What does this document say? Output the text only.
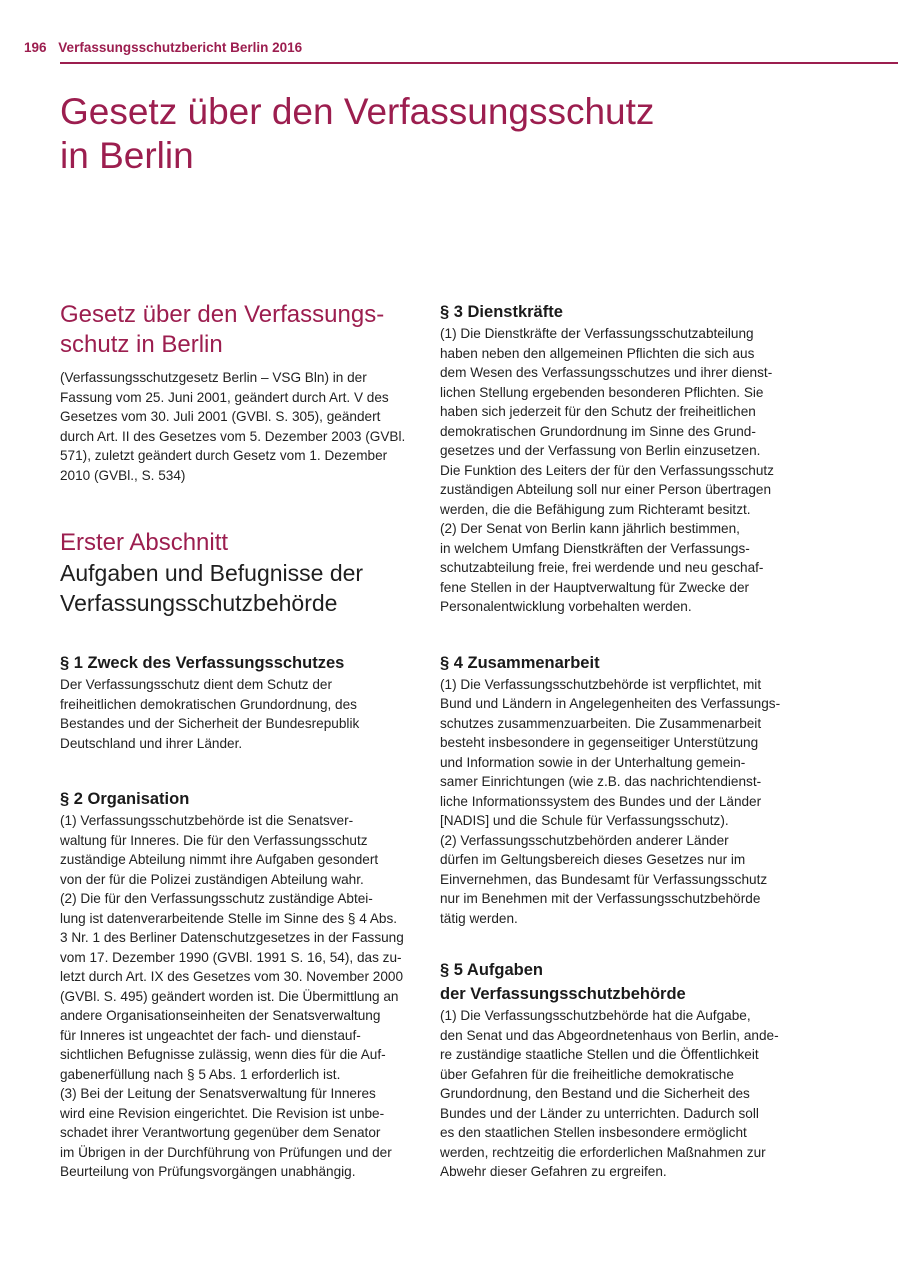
196 Verfassungsschutzbericht Berlin 2016
Gesetz über den Verfassungsschutz
in Berlin
Gesetz über den Verfassungs-
schutz in Berlin

(Verfassungsschutzgesetz Berlin – VSG Bln) in der
Fassung vom 25. Juni 2001, geändert durch Art. V des
Gesetzes vom 30. Juli 2001 (GVBl. S. 305), geändert
durch Art. II des Gesetzes vom 5. Dezember 2003 (GVBl.
571), zuletzt geändert durch Gesetz vom 1. Dezember
2010 (GVBl., S. 534)

Erster Abschnitt
Aufgaben und Befugnisse der
Verfassungsschutzbehörde
§ 1 Zweck des Verfassungsschutzes

Der Verfassungsschutz dient dem Schutz der
freiheitlichen demokratischen Grundordnung, des
Bestandes und der Sicherheit der Bundesrepublik
Deutschland und ihrer Länder.

§ 2 Organisation

(1) Verfassungsschutzbehörde ist die Senatsver-
waltung für Inneres. Die für den Verfassungsschutz
zuständige Abteilung nimmt ihre Aufgaben gesondert
von der für die Polizei zuständigen Abteilung wahr.
(2) Die für den Verfassungsschutz zuständige Abtei-
lung ist datenverarbeitende Stelle im Sinne des § 4 Abs.
3 Nr. 1 des Berliner Datenschutzgesetzes in der Fassung
vom 17. Dezember 1990 (GVBl. 1991 S. 16, 54), das zu-
letzt durch Art. IX des Gesetzes vom 30. November 2000
(GVBl. S. 495) geändert worden ist. Die Übermittlung an
andere Organisationseinheiten der Senatsverwaltung
für Inneres ist ungeachtet der fach- und dienstauf-
sichtlichen Befugnisse zulässig, wenn dies für die Auf-
gabenerfüllung nach § 5 Abs. 1 erforderlich ist.
(3) Bei der Leitung der Senatsverwaltung für Inneres
wird eine Revision eingerichtet. Die Revision ist unbe-
schadet ihrer Verantwortung gegenüber dem Senator
im Übrigen in der Durchführung von Prüfungen und der
Beurteilung von Prüfungsvorgängen unabhängig.

§ 3 Dienstkräfte

(1) Die Dienstkräfte der Verfassungsschutzabteilung
haben neben den allgemeinen Pflichten die sich aus
dem Wesen des Verfassungsschutzes und ihrer dienst-
lichen Stellung ergebenden besonderen Pflichten. Sie
haben sich jederzeit für den Schutz der freiheitlichen
demokratischen Grundordnung im Sinne des Grund-
gesetzes und der Verfassung von Berlin einzusetzen.
Die Funktion des Leiters der für den Verfassungsschutz
zuständigen Abteilung soll nur einer Person übertragen
werden, die die Befähigung zum Richteramt besitzt.
(2) Der Senat von Berlin kann jährlich bestimmen,
in welchem Umfang Dienstkräften der Verfassungs-
schutzabteilung freie, frei werdende und neu geschaf-
fene Stellen in der Hauptverwaltung für Zwecke der
Personalentwicklung vorbehalten werden.

§ 4 Zusammenarbeit

(1) Die Verfassungsschutzbehörde ist verpflichtet, mit
Bund und Ländern in Angelegenheiten des Verfassungs-
schutzes zusammenzuarbeiten. Die Zusammenarbeit
besteht insbesondere in gegenseitiger Unterstützung
und Information sowie in der Unterhaltung gemein-
samer Einrichtungen (wie z.B. das nachrichtendienst-
liche Informationssystem des Bundes und der Länder
[NADIS] und die Schule für Verfassungsschutz).
(2) Verfassungsschutzbehörden anderer Länder
dürfen im Geltungsbereich dieses Gesetzes nur im
Einvernehmen, das Bundesamt für Verfassungsschutz
nur im Benehmen mit der Verfassungsschutzbehörde
tätig werden.

§ 5 Aufgaben
der Verfassungsschutzbehörde

(1) Die Verfassungsschutzbehörde hat die Aufgabe,
den Senat und das Abgeordnetenhaus von Berlin, ande-
re zuständige staatliche Stellen und die Öffentlichkeit
über Gefahren für die freiheitliche demokratische
Grundordnung, den Bestand und die Sicherheit des
Bundes und der Länder zu unterrichten. Dadurch soll
es den staatlichen Stellen insbesondere ermöglicht
werden, rechtzeitig die erforderlichen Maßnahmen zur
Abwehr dieser Gefahren zu ergreifen.
